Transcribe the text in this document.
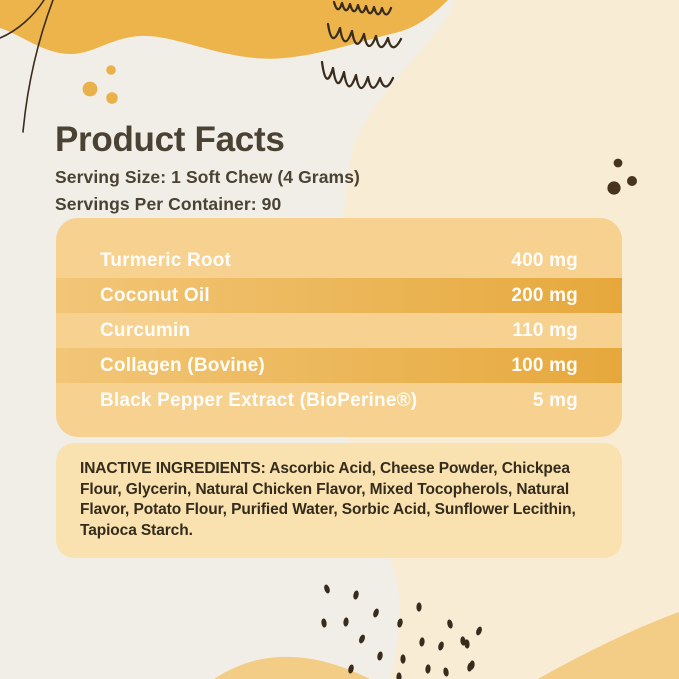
Product Facts
Serving Size: 1 Soft Chew (4 Grams)
Servings Per Container: 90
Turmeric Root	400 mg
Coconut Oil	200 mg
Curcumin	110 mg
Collagen (Bovine)	100 mg
Black Pepper Extract (BioPerine®)	5 mg
INACTIVE INGREDIENTS: Ascorbic Acid, Cheese Powder, Chickpea
Flour, Glycerin, Natural Chicken Flavor, Mixed Tocopherols, Natural
Flavor, Potato Flour, Purified Water, Sorbic Acid, Sunflower Lecithin,
Tapioca Starch.
